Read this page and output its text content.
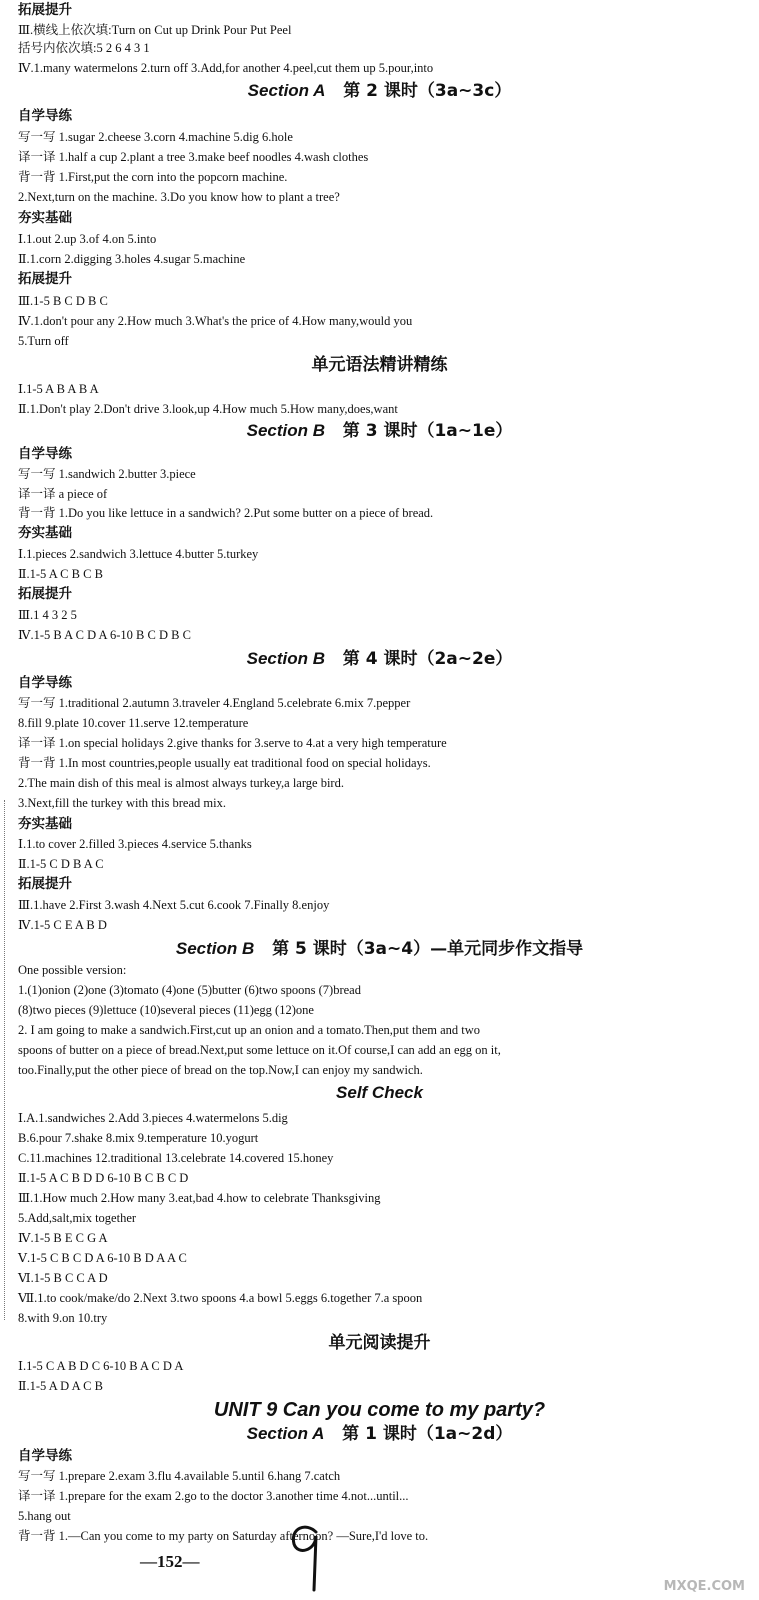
拓展提升
Ⅲ.横线上依次填:Turn on Cut up Drink Pour Put Peel
括号内依次填:5 2 6 4 3 1
Ⅳ.1.many watermelons 2.turn off 3.Add,for another 4.peel,cut them up 5.pour,into
Section A 第 2 课时（3a~3c）
自学导练
写一写 1.sugar 2.cheese 3.corn 4.machine 5.dig 6.hole
译一译 1.half a cup 2.plant a tree 3.make beef noodles 4.wash clothes
背一背 1.First,put the corn into the popcorn machine.
2.Next,turn on the machine. 3.Do you know how to plant a tree?
夯实基础
Ⅰ.1.out 2.up 3.of 4.on 5.into
Ⅱ.1.corn 2.digging 3.holes 4.sugar 5.machine
拓展提升
Ⅲ.1-5 B C D B C
Ⅳ.1.don't pour any 2.How much 3.What's the price of 4.How many,would you
5.Turn off
单元语法精讲精练
Ⅰ.1-5 A B A B A
Ⅱ.1.Don't play 2.Don't drive 3.look,up 4.How much 5.How many,does,want
Section B 第 3 课时（1a~1e）
自学导练
写一写 1.sandwich 2.butter 3.piece
译一译 a piece of
背一背 1.Do you like lettuce in a sandwich? 2.Put some butter on a piece of bread.
夯实基础
Ⅰ.1.pieces 2.sandwich 3.lettuce 4.butter 5.turkey
Ⅱ.1-5 A C B C B
拓展提升
Ⅲ.1 4 3 2 5
Ⅳ.1-5 B A C D A 6-10 B C D B C
Section B 第 4 课时（2a~2e）
自学导练
写一写 1.traditional 2.autumn 3.traveler 4.England 5.celebrate 6.mix 7.pepper
8.fill 9.plate 10.cover 11.serve 12.temperature
译一译 1.on special holidays 2.give thanks for 3.serve to 4.at a very high temperature
背一背 1.In most countries,people usually eat traditional food on special holidays.
2.The main dish of this meal is almost always turkey,a large bird.
3.Next,fill the turkey with this bread mix.
夯实基础
Ⅰ.1.to cover 2.filled 3.pieces 4.service 5.thanks
Ⅱ.1-5 C D B A C
拓展提升
Ⅲ.1.have 2.First 3.wash 4.Next 5.cut 6.cook 7.Finally 8.enjoy
Ⅳ.1-5 C E A B D
Section B 第 5 课时（3a~4）—单元同步作文指导
One possible version:
1.(1)onion (2)one (3)tomato (4)one (5)butter (6)two spoons (7)bread
(8)two pieces (9)lettuce (10)several pieces (11)egg (12)one
2. I am going to make a sandwich.First,cut up an onion and a tomato.Then,put them and two
spoons of butter on a piece of bread.Next,put some lettuce on it.Of course,I can add an egg on it,
too.Finally,put the other piece of bread on the top.Now,I can enjoy my sandwich.
Self Check
Ⅰ.A.1.sandwiches 2.Add 3.pieces 4.watermelons 5.dig
B.6.pour 7.shake 8.mix 9.temperature 10.yogurt
C.11.machines 12.traditional 13.celebrate 14.covered 15.honey
Ⅱ.1-5 A C B D D 6-10 B C B C D
Ⅲ.1.How much 2.How many 3.eat,bad 4.how to celebrate Thanksgiving
5.Add,salt,mix together
Ⅳ.1-5 B E C G A
Ⅴ.1-5 C B C D A 6-10 B D A A C
Ⅵ.1-5 B C C A D
Ⅶ.1.to cook/make/do 2.Next 3.two spoons 4.a bowl 5.eggs 6.together 7.a spoon
8.with 9.on 10.try
单元阅读提升
Ⅰ.1-5 C A B D C 6-10 B A C D A
Ⅱ.1-5 A D A C B
UNIT 9 Can you come to my party?
Section A 第 1 课时（1a~2d）
自学导练
写一写 1.prepare 2.exam 3.flu 4.available 5.until 6.hang 7.catch
译一译 1.prepare for the exam 2.go to the doctor 3.another time 4.not...until...
5.hang out
背一背 1.—Can you come to my party on Saturday afternoon? —Sure,I'd love to.
—152—
MXQE.COM
